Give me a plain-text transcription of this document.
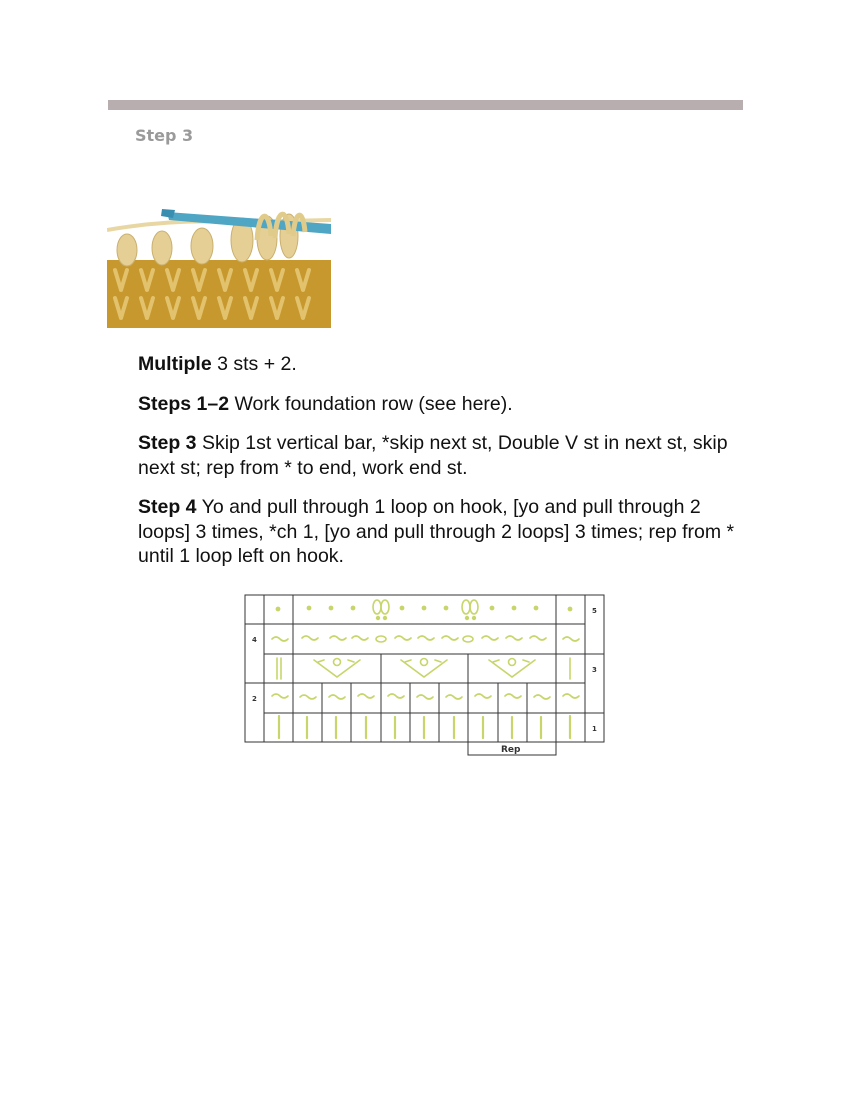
Step 3

Multiple 3 sts + 2.

Steps 1–2 Work foundation row (see here).

Step 3 Skip 1st vertical bar, *skip next st, Double V st in next st, skip next st; rep from * to end, work end st.

Step 4 Yo and pull through 1 loop on hook, [yo and pull through 2 loops] 3 times, *ch 1, [yo and pull through 2 loops] 3 times; rep from * until 1 loop left on hook.

5
4
3
2
1
Rep
